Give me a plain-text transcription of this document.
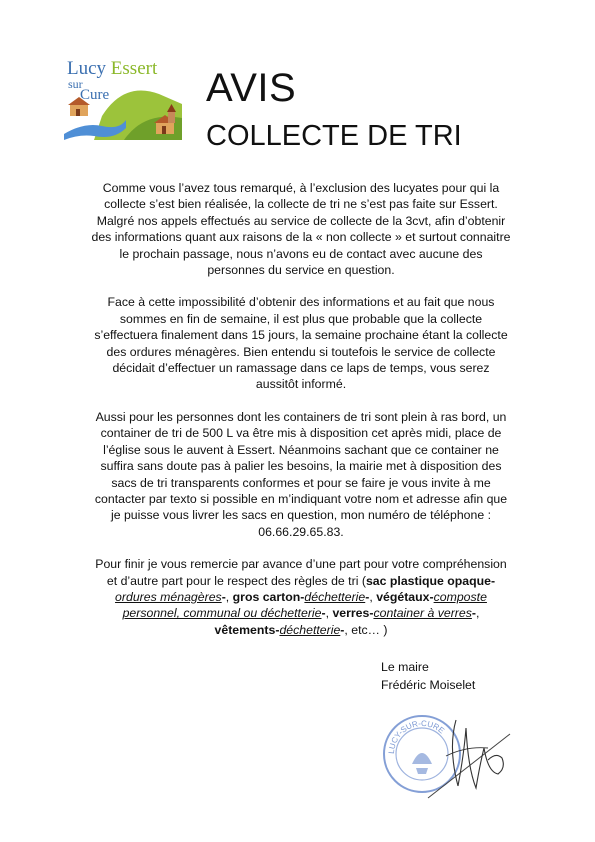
Lucy Essert
sur
Cure AVIS
COLLECTE DE TRI

Comme vous l’avez tous remarqué, à l’exclusion des lucyates pour qui la
collecte s’est bien réalisée, la collecte de tri ne s’est pas faite sur Essert.
Malgré nos appels effectués au service de collecte de la 3cvt, afin d’obtenir
des informations quant aux raisons de la « non collecte » et surtout connaitre
le prochain passage, nous n’avons eu de contact avec aucune des
personnes du service en question.

Face à cette impossibilité d’obtenir des informations et au fait que nous
sommes en fin de semaine, il est plus que probable que la collecte
s’effectuera finalement dans 15 jours, la semaine prochaine étant la collecte
des ordures ménagères. Bien entendu si toutefois le service de collecte
décidait d’effectuer un ramassage dans ce laps de temps, vous serez
aussitôt informé.

Aussi pour les personnes dont les containers de tri sont plein à ras bord, un
container de tri de 500 L va être mis à disposition cet après midi, place de
l’église sous le auvent à Essert. Néanmoins sachant que ce container ne
suffira sans doute pas à palier les besoins, la mairie met à disposition des
sacs de tri transparents conformes et pour se faire je vous invite à me
contacter par texto si possible en m’indiquant votre nom et adresse afin que
je puisse vous livrer les sacs en question, mon numéro de téléphone :
06.66.29.65.83.

Pour finir je vous remercie par avance d’une part pour votre compréhension
et d’autre part pour le respect des règles de tri (sac plastique opaque-
ordures ménagères-, gros carton-déchetterie-, végétaux-composte
personnel, communal ou déchetterie-, verres-container à verres-,
vêtements-déchetterie-, etc… )

Le maire
Frédéric Moiselet
LUCY-SUR-CURE
